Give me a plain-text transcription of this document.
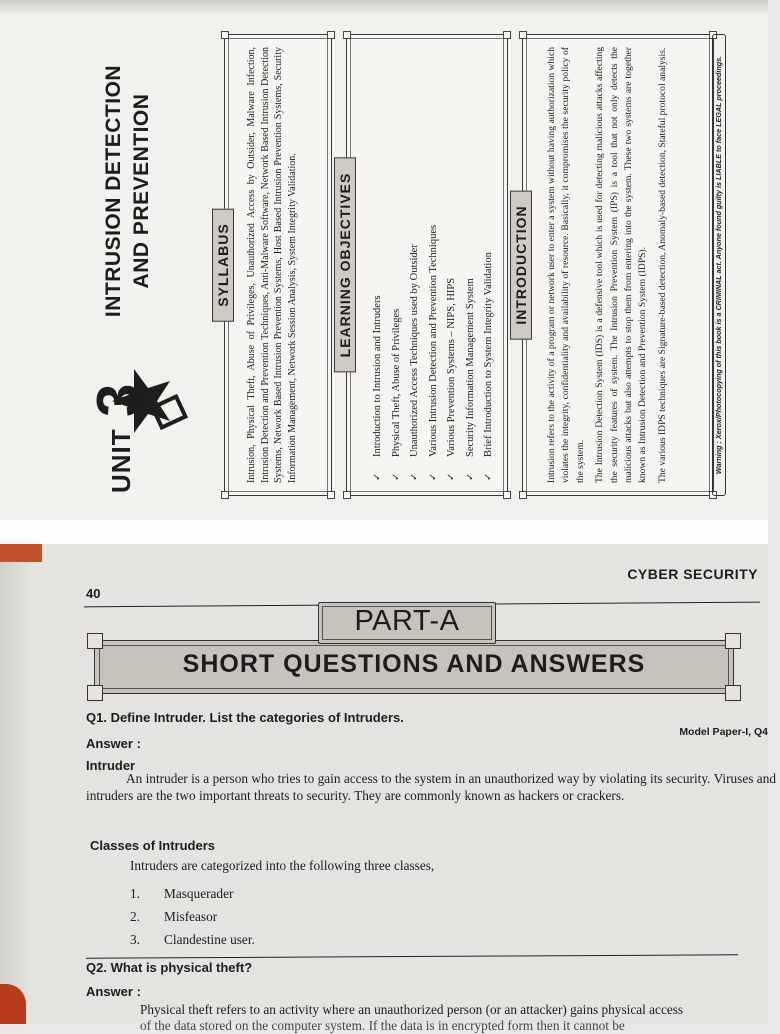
UNIT
3
INTRUSION DETECTION AND PREVENTION	SYLLABUS	Intrusion, Physical Theft, Abuse of Privileges, Unauthorized Access by Outsider, Malware Infection, Intrusion Detection and Prevention Techniques, Anti-Malware Software, Network Based Intrusion Detection Systems, Network Based Intrusion Prevention Systems, Host Based Intrusion Prevention Systems, Security Information Management, Network Session Analysis, System Integrity Validation.	LEARNING OBJECTIVES
✓ Introduction to Intrusion and Intruders ✓ Physical Theft, Abuse of Privileges ✓ Unauthorized Access Techniques used by Outsider ✓ Various Intrusion Detection and Prevention Techniques ✓ Various Prevention Systems – NIPS, HIPS ✓ Security Information Management System ✓ Brief Introduction to System Integrity Validation	INTRODUCTION	Intrusion refers to the activity of a program or network user to enter a system without having authorization which violates the integrity, confidentiality and availability of resource. Basically, it compromises the security policy of the system. The Intrusion Detection System (IDS) is a defensive tool which is used for detecting malicious attacks affecting the security features of system. The Intrusion Prevention System (IPS) is a tool that not only detects the malicious attacks but also attempts to stop them from entering into the system. These two systems are together known as Intrusion Detection and Prevention System (IDPS). The various IDPS techniques are Signature-based detection, Anomaly-based detection, Stateful protocol analysis.	Warning : Xerox/Photocopying of this book is a CRIMINAL act. Anyone found guilty is LIABLE to face LEGAL proceedings.
CYBER SECURITY
40
SHORT QUESTIONS AND ANSWERS
PART-A
Q1. Define Intruder. List the categories of Intruders.
Model Paper-I, Q4
Answer :
Intruder
An intruder is a person who tries to gain access to the system in an unauthorized way by violating its security. Viruses and intruders are the two important threats to security. They are commonly known as hackers or crackers.
Classes of Intruders
Intruders are categorized into the following three classes,
1. Masquerader
2. Misfeasor
3. Clandestine user.
Q2. What is physical theft?
Answer :
Physical theft refers to an activity where an unauthorized person (or an attacker) gains physical access
of the data stored on the computer system. If the data is in encrypted form then it cannot be
